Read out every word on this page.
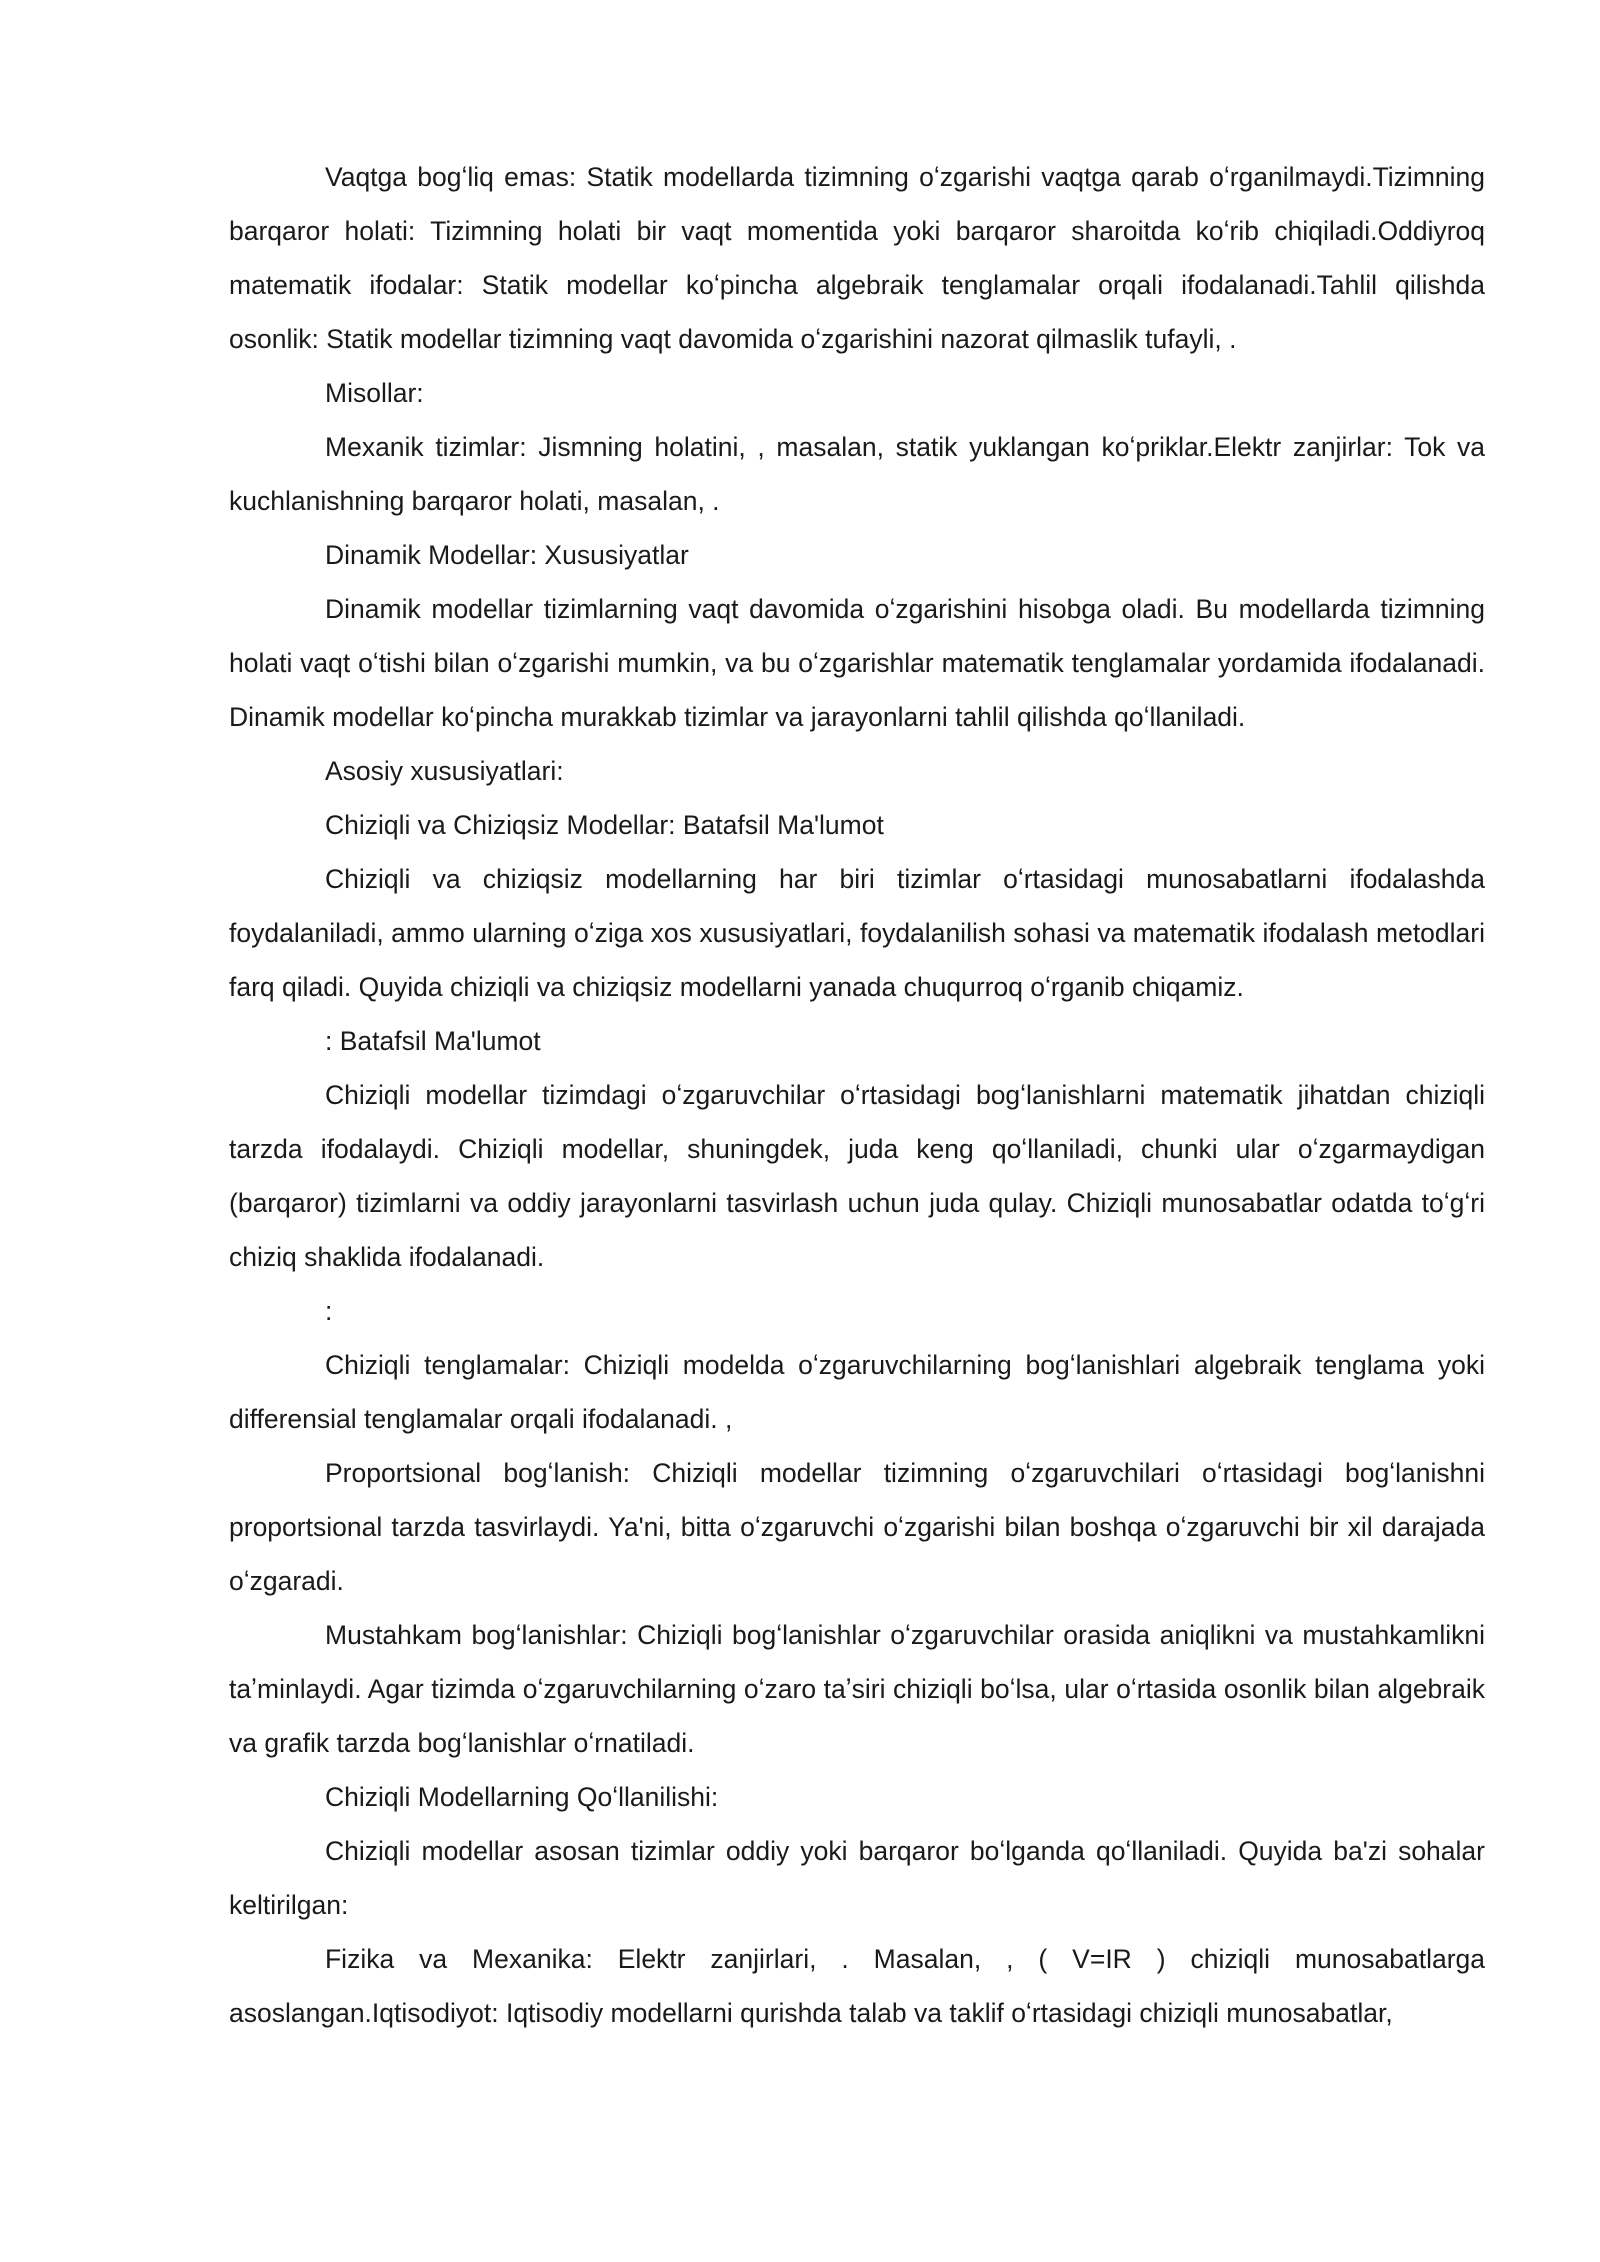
Vaqtga bogʻliq emas: Statik modellarda tizimning oʻzgarishi vaqtga qarab oʻrganilmaydi.Tizimning barqaror holati: Tizimning holati bir vaqt momentida yoki barqaror sharoitda koʻrib chiqiladi.Oddiyroq matematik ifodalar: Statik modellar koʻpincha algebraik tenglamalar orqali ifodalanadi.Tahlil qilishda osonlik: Statik modellar tizimning vaqt davomida oʻzgarishini nazorat qilmaslik tufayli, .

Misollar:

Mexanik tizimlar: Jismning holatini, , masalan, statik yuklangan koʻpriklar.Elektr zanjirlar: Tok va kuchlanishning barqaror holati, masalan, .

Dinamik Modellar: Xususiyatlar

Dinamik modellar tizimlarning vaqt davomida oʻzgarishini hisobga oladi. Bu modellarda tizimning holati vaqt oʻtishi bilan oʻzgarishi mumkin, va bu oʻzgarishlar matematik tenglamalar yordamida ifodalanadi. Dinamik modellar koʻpincha murakkab tizimlar va jarayonlarni tahlil qilishda qoʻllaniladi.

Asosiy xususiyatlari:

Chiziqli va Chiziqsiz Modellar: Batafsil Ma'lumot

Chiziqli va chiziqsiz modellarning har biri tizimlar oʻrtasidagi munosabatlarni ifodalashda foydalaniladi, ammo ularning oʻziga xos xususiyatlari, foydalanilish sohasi va matematik ifodalash metodlari farq qiladi. Quyida chiziqli va chiziqsiz modellarni yanada chuqurroq oʻrganib chiqamiz.

: Batafsil Ma'lumot

Chiziqli modellar tizimdagi oʻzgaruvchilar oʻrtasidagi bogʻlanishlarni matematik jihatdan chiziqli tarzda ifodalaydi. Chiziqli modellar, shuningdek, juda keng qoʻllaniladi, chunki ular oʻzgarmaydigan (barqaror) tizimlarni va oddiy jarayonlarni tasvirlash uchun juda qulay. Chiziqli munosabatlar odatda toʻgʻri chiziq shaklida ifodalanadi.

:

Chiziqli tenglamalar: Chiziqli modelda oʻzgaruvchilarning bogʻlanishlari algebraik tenglama yoki differensial tenglamalar orqali ifodalanadi. ,

Proportsional bogʻlanish: Chiziqli modellar tizimning oʻzgaruvchilari oʻrtasidagi bogʻlanishni proportsional tarzda tasvirlaydi. Ya'ni, bitta oʻzgaruvchi oʻzgarishi bilan boshqa oʻzgaruvchi bir xil darajada oʻzgaradi.

Mustahkam bogʻlanishlar: Chiziqli bogʻlanishlar oʻzgaruvchilar orasida aniqlikni va mustahkamlikni taʼminlaydi. Agar tizimda oʻzgaruvchilarning oʻzaro taʼsiri chiziqli boʻlsa, ular oʻrtasida osonlik bilan algebraik va grafik tarzda bogʻlanishlar oʻrnatiladi.

Chiziqli Modellarning Qoʻllanilishi:

Chiziqli modellar asosan tizimlar oddiy yoki barqaror boʻlganda qoʻllaniladi. Quyida ba'zi sohalar keltirilgan:

Fizika va Mexanika: Elektr zanjirlari, . Masalan, , ( V=IR ) chiziqli munosabatlarga asoslangan.Iqtisodiyot: Iqtisodiy modellarni qurishda talab va taklif oʻrtasidagi chiziqli munosabatlar,
